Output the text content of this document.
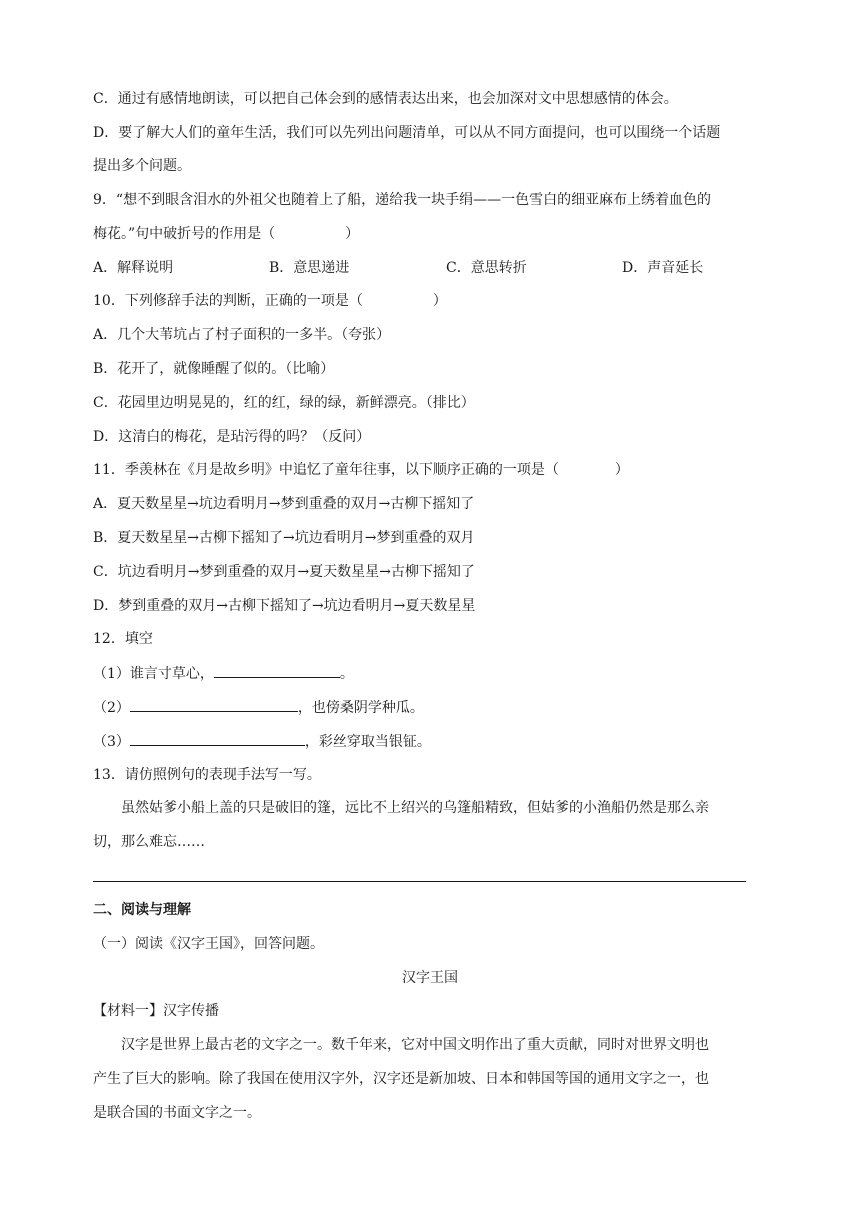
C．通过有感情地朗读，可以把自己体会到的感情表达出来，也会加深对文中思想感情的体会。
D．要了解大人们的童年生活，我们可以先列出问题清单，可以从不同方面提问，也可以围绕一个话题
提出多个问题。
9．“想不到眼含泪水的外祖父也随着上了船，递给我一块手绢——一色雪白的细亚麻布上绣着血色的
梅花。”句中破折号的作用是（	）
A．解释说明	B．意思递进	C．意思转折	D．声音延长
10．下列修辞手法的判断，正确的一项是（	）
A．几个大苇坑占了村子面积的一多半。（夸张）
B．花开了，就像睡醒了似的。（比喻）
C．花园里边明晃晃的，红的红，绿的绿，新鲜漂亮。（排比）
D．这清白的梅花，是玷污得的吗？（反问）
11．季羡林在《月是故乡明》中追忆了童年往事，以下顺序正确的一项是（	）
A．夏天数星星→坑边看明月→梦到重叠的双月→古柳下摇知了
B．夏天数星星→古柳下摇知了→坑边看明月→梦到重叠的双月
C．坑边看明月→梦到重叠的双月→夏天数星星→古柳下摇知了
D．梦到重叠的双月→古柳下摇知了→坑边看明月→夏天数星星
12．填空
（1）谁言寸草心，	。
（2）	，也傍桑阴学种瓜。
（3）	，彩丝穿取当银钲。
13．请仿照例句的表现手法写一写。
虽然姑爹小船上盖的只是破旧的篷，远比不上绍兴的乌篷船精致，但姑爹的小渔船仍然是那么亲
切，那么难忘……
二、阅读与理解
（一）阅读《汉字王国》，回答问题。
汉字王国
【材料一】汉字传播
汉字是世界上最古老的文字之一。数千年来，它对中国文明作出了重大贡献，同时对世界文明也
产生了巨大的影响。除了我国在使用汉字外，汉字还是新加坡、日本和韩国等国的通用文字之一，也
是联合国的书面文字之一。
